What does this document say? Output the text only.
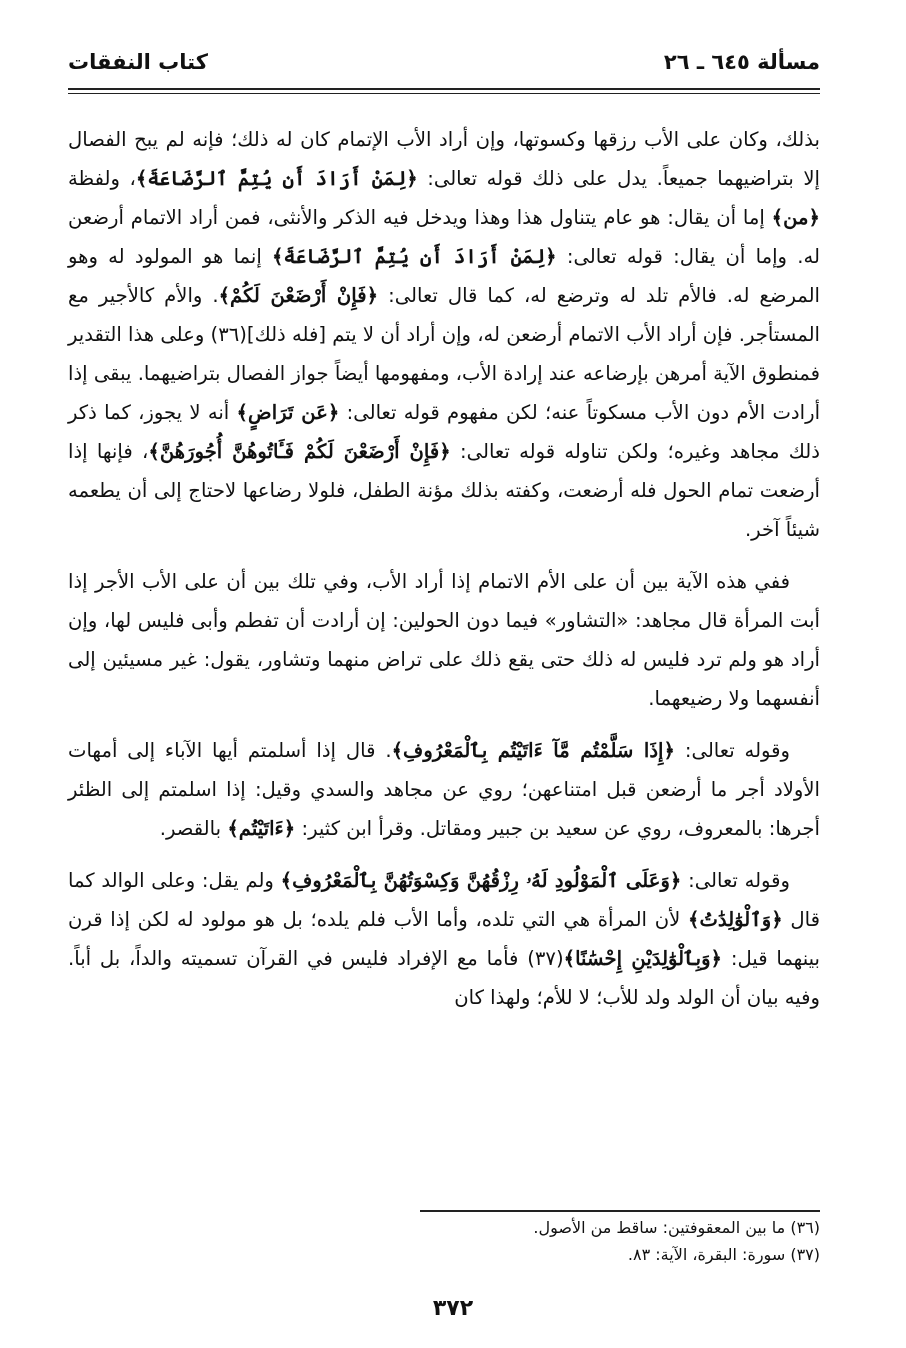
مسألة ٦٤٥ ـ ٢٦
كتاب النفقات

بذلك، وكان على الأب رزقها وكسوتها، وإن أراد الأب الإتمام كان له ذلك؛ فإنه لم يبح الفصال إلا بتراضيهما جميعاً. يدل على ذلك قوله تعالى: ﴿لِمَنْ أَرَادَ أَن يُتِمَّ ٱلرَّضَاعَةَ﴾، ولفظة ﴿من﴾ إما أن يقال: هو عام يتناول هذا وهذا ويدخل فيه الذكر والأنثى، فمن أراد الاتمام أرضعن له. وإما أن يقال: قوله تعالى: ﴿لِمَنْ أَرَادَ أَن يُتِمَّ ٱلرَّضَاعَةَ﴾ إنما هو المولود له وهو المرضع له. فالأم تلد له وترضع له، كما قال تعالى: ﴿فَإِنْ أَرْضَعْنَ لَكُمْ﴾. والأم كالأجير مع المستأجر. فإن أراد الأب الاتمام أرضعن له، وإن أراد أن لا يتم [فله ذلك](٣٦) وعلى هذا التقدير فمنطوق الآية أمرهن بإرضاعه عند إرادة الأب، ومفهومها أيضاً جواز الفصال بتراضيهما. يبقى إذا أرادت الأم دون الأب مسكوتاً عنه؛ لكن مفهوم قوله تعالى: ﴿عَن تَرَاضٍ﴾ أنه لا يجوز، كما ذكر ذلك مجاهد وغيره؛ ولكن تناوله قوله تعالى: ﴿فَإِنْ أَرْضَعْنَ لَكُمْ فَـَٔاتُوهُنَّ أُجُورَهُنَّ﴾، فإنها إذا أرضعت تمام الحول فله أرضعت، وكفته بذلك مؤنة الطفل، فلولا رضاعها لاحتاج إلى أن يطعمه شيئاً آخر.

ففي هذه الآية بين أن على الأم الاتمام إذا أراد الأب، وفي تلك بين أن على الأب الأجر إذا أبت المرأة قال مجاهد: «التشاور» فيما دون الحولين: إن أرادت أن تفطم وأبى فليس لها، وإن أراد هو ولم ترد فليس له ذلك حتى يقع ذلك على تراض منهما وتشاور، يقول: غير مسيئين إلى أنفسهما ولا رضيعهما.

وقوله تعالى: ﴿إِذَا سَلَّمْتُم مَّآ ءَاتَيْتُم بِٱلْمَعْرُوفِ﴾. قال إذا أسلمتم أيها الآباء إلى أمهات الأولاد أجر ما أرضعن قبل امتناعهن؛ روي عن مجاهد والسدي وقيل: إذا اسلمتم إلى الظئر أجرها: بالمعروف، روي عن سعيد بن جبير ومقاتل. وقرأ ابن كثير: ﴿ءَاتَيْتُم﴾ بالقصر.

وقوله تعالى: ﴿وَعَلَى ٱلْمَوْلُودِ لَهُۥ رِزْقُهُنَّ وَكِسْوَتُهُنَّ بِٱلْمَعْرُوفِ﴾ ولم يقل: وعلى الوالد كما قال ﴿وَٱلْوَٰلِدَٰتُ﴾ لأن المرأة هي التي تلده، وأما الأب فلم يلده؛ بل هو مولود له لكن إذا قرن بينهما قيل: ﴿وَبِٱلْوَٰلِدَيْنِ إِحْسَٰنًا﴾(٣٧) فأما مع الإفراد فليس في القرآن تسميته والداً، بل أباً. وفيه بيان أن الولد ولد للأب؛ لا للأم؛ ولهذا كان

(٣٦) ما بين المعقوفتين: ساقط من الأصول.
(٣٧) سورة: البقرة، الآية: ٨٣.
٣٧٢
